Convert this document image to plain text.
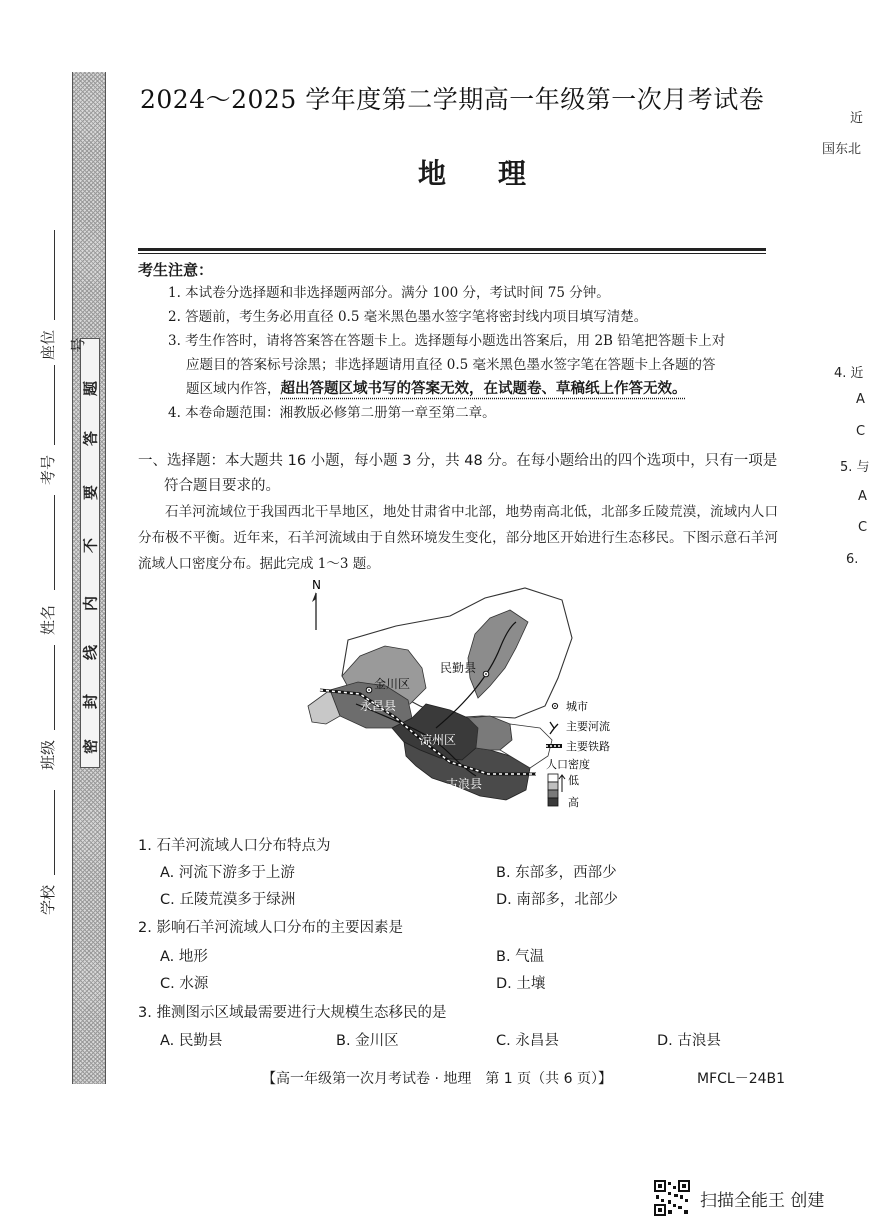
密
封
线
内
不
要
答
题
座位号
考号
姓名
班级
学校
2024～2025 学年度第二学期高一年级第一次月考试卷
地理
考生注意：
1. 本试卷分选择题和非选择题两部分。满分 100 分，考试时间 75 分钟。
2. 答题前，考生务必用直径 0.5 毫米黑色墨水签字笔将密封线内项目填写清楚。
3. 考生作答时，请将答案答在答题卡上。选择题每小题选出答案后，用 2B 铅笔把答题卡上对
应题目的答案标号涂黑；非选择题请用直径 0.5 毫米黑色墨水签字笔在答题卡上各题的答
题区域内作答，超出答题区域书写的答案无效，在试题卷、草稿纸上作答无效。
4. 本卷命题范围：湘教版必修第二册第一章至第二章。
一、选择题：本大题共 16 小题，每小题 3 分，共 48 分。在每小题给出的四个选项中，只有一项是
符合题目要求的。
石羊河流域位于我国西北干旱地区，地处甘肃省中北部，地势南高北低，北部多丘陵荒漠，流域内人口分布极不平衡。近年来，石羊河流域由于自然环境发生变化，部分地区开始进行生态移民。下图示意石羊河流域人口密度分布。据此完成 1～3 题。
N
民勤县
金川区
永昌县
凉州区
古浪县
城市
主要河流
主要铁路
人口密度
低
高
1. 石羊河流域人口分布特点为
A. 河流下游多于上游	B. 东部多，西部少
C. 丘陵荒漠多于绿洲	D. 南部多，北部少
2. 影响石羊河流域人口分布的主要因素是
A. 地形	B. 气温
C. 水源	D. 土壤
3. 推测图示区域最需要进行大规模生态移民的是
A. 民勤县	B. 金川区	C. 永昌县	D. 古浪县
【高一年级第一次月考试卷 · 地理　第 1 页（共 6 页）】	MFCL－24B1
扫描全能王 创建
近
国东北
4. 近
A
C
5. 与
A
C
6.
